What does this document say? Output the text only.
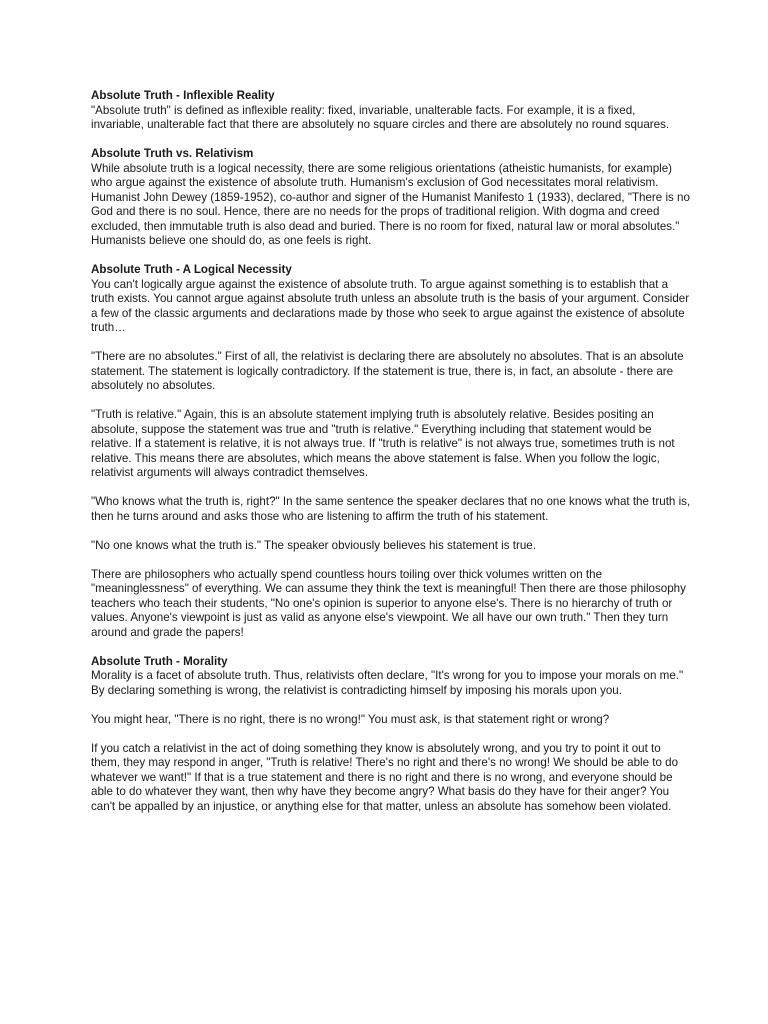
Absolute Truth - Inflexible Reality
"Absolute truth" is defined as inflexible reality: fixed, invariable, unalterable facts. For example, it is a fixed, invariable, unalterable fact that there are absolutely no square circles and there are absolutely no round squares.
Absolute Truth vs. Relativism
While absolute truth is a logical necessity, there are some religious orientations (atheistic humanists, for example) who argue against the existence of absolute truth. Humanism's exclusion of God necessitates moral relativism. Humanist John Dewey (1859-1952), co-author and signer of the Humanist Manifesto 1 (1933), declared, "There is no God and there is no soul. Hence, there are no needs for the props of traditional religion. With dogma and creed excluded, then immutable truth is also dead and buried. There is no room for fixed, natural law or moral absolutes." Humanists believe one should do, as one feels is right.
Absolute Truth - A Logical Necessity
You can't logically argue against the existence of absolute truth. To argue against something is to establish that a truth exists. You cannot argue against absolute truth unless an absolute truth is the basis of your argument. Consider a few of the classic arguments and declarations made by those who seek to argue against the existence of absolute truth…
"There are no absolutes." First of all, the relativist is declaring there are absolutely no absolutes. That is an absolute statement. The statement is logically contradictory. If the statement is true, there is, in fact, an absolute - there are absolutely no absolutes.
"Truth is relative." Again, this is an absolute statement implying truth is absolutely relative. Besides positing an absolute, suppose the statement was true and "truth is relative." Everything including that statement would be relative. If a statement is relative, it is not always true. If "truth is relative" is not always true, sometimes truth is not relative. This means there are absolutes, which means the above statement is false. When you follow the logic, relativist arguments will always contradict themselves.
"Who knows what the truth is, right?" In the same sentence the speaker declares that no one knows what the truth is, then he turns around and asks those who are listening to affirm the truth of his statement.
"No one knows what the truth is." The speaker obviously believes his statement is true.
There are philosophers who actually spend countless hours toiling over thick volumes written on the "meaninglessness" of everything. We can assume they think the text is meaningful! Then there are those philosophy teachers who teach their students, "No one's opinion is superior to anyone else's. There is no hierarchy of truth or values. Anyone's viewpoint is just as valid as anyone else's viewpoint. We all have our own truth." Then they turn around and grade the papers!
Absolute Truth - Morality
Morality is a facet of absolute truth. Thus, relativists often declare, "It's wrong for you to impose your morals on me." By declaring something is wrong, the relativist is contradicting himself by imposing his morals upon you.
You might hear, "There is no right, there is no wrong!" You must ask, is that statement right or wrong?
If you catch a relativist in the act of doing something they know is absolutely wrong, and you try to point it out to them, they may respond in anger, "Truth is relative! There's no right and there's no wrong! We should be able to do whatever we want!" If that is a true statement and there is no right and there is no wrong, and everyone should be able to do whatever they want, then why have they become angry? What basis do they have for their anger? You can't be appalled by an injustice, or anything else for that matter, unless an absolute has somehow been violated.
